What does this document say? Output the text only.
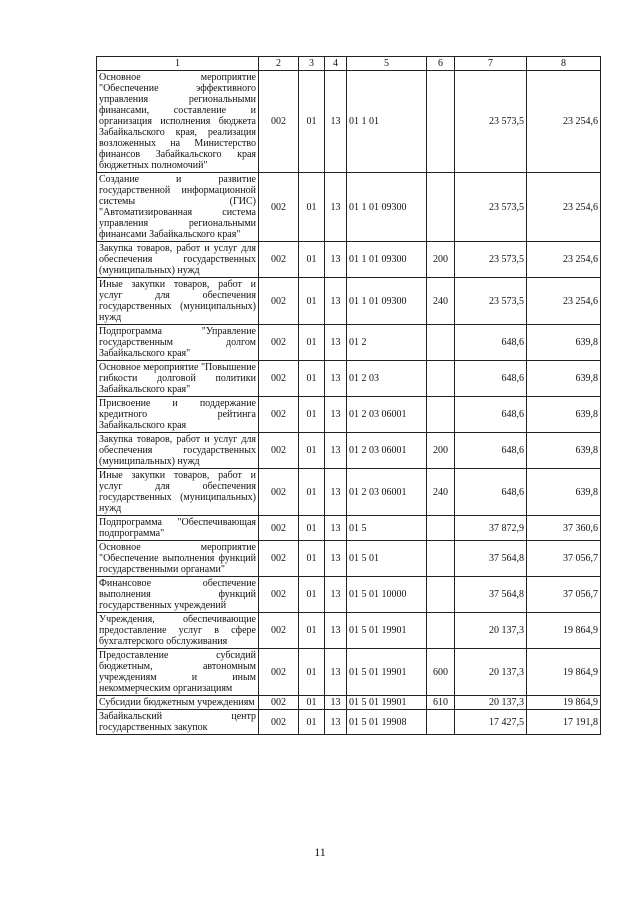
1	2	3	4	5	6	7	8
Основное мероприятие "Обеспечение эффективного управления региональными финансами, составление и организация исполнения бюджета Забайкальского края, реализация возложенных на Министерство финансов Забайкальского края бюджетных полномочий"	002	01	13	01 1 01		23 573,5	23 254,6
Создание и развитие государственной информационной системы (ГИС) "Автоматизированная система управления региональными финансами Забайкальского края"	002	01	13	01 1 01 09300		23 573,5	23 254,6
Закупка товаров, работ и услуг для обеспечения государственных (муниципальных) нужд	002	01	13	01 1 01 09300	200	23 573,5	23 254,6
Иные закупки товаров, работ и услуг для обеспечения государственных (муниципальных) нужд	002	01	13	01 1 01 09300	240	23 573,5	23 254,6
Подпрограмма "Управление государственным долгом Забайкальского края"	002	01	13	01 2		648,6	639,8
Основное мероприятие "Повышение гибкости долговой политики Забайкальского края"	002	01	13	01 2 03		648,6	639,8
Присвоение и поддержание кредитного рейтинга Забайкальского края	002	01	13	01 2 03 06001		648,6	639,8
Закупка товаров, работ и услуг для обеспечения государственных (муниципальных) нужд	002	01	13	01 2 03 06001	200	648,6	639,8
Иные закупки товаров, работ и услуг для обеспечения государственных (муниципальных) нужд	002	01	13	01 2 03 06001	240	648,6	639,8
Подпрограмма "Обеспечивающая подпрограмма"	002	01	13	01 5		37 872,9	37 360,6
Основное мероприятие "Обеспечение выполнения функций государственными органами"	002	01	13	01 5 01		37 564,8	37 056,7
Финансовое обеспечение выполнения функций государственных учреждений	002	01	13	01 5 01 10000		37 564,8	37 056,7
Учреждения, обеспечивающие предоставление услуг в сфере бухгалтерского обслуживания	002	01	13	01 5 01 19901		20 137,3	19 864,9
Предоставление субсидий бюджетным, автономным учреждениям и иным некоммерческим организациям	002	01	13	01 5 01 19901	600	20 137,3	19 864,9
Субсидии бюджетным учреждениям	002	01	13	01 5 01 19901	610	20 137,3	19 864,9
Забайкальский центр государственных закупок	002	01	13	01 5 01 19908		17 427,5	17 191,8
11
